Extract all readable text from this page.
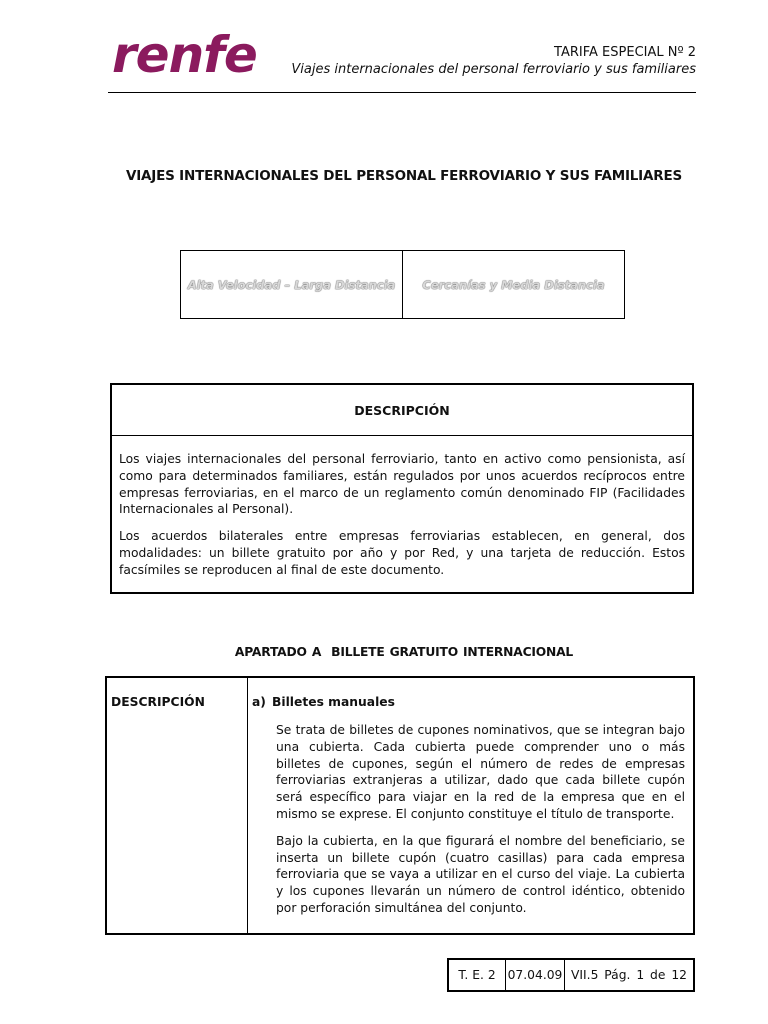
renfe	TARIFA ESPECIAL Nº 2
Viajes internacionales del personal ferroviario y sus familiares
VIAJES INTERNACIONALES DEL PERSONAL FERROVIARIO Y SUS FAMILIARES
Alta Velocidad – Larga Distancia	Cercanías y Media Distancia
DESCRIPCIÓN

Los viajes internacionales del personal ferroviario, tanto en activo como pensionista, así como para determinados familiares, están regulados por unos acuerdos recíprocos entre empresas ferroviarias, en el marco de un reglamento común denominado FIP (Facilidades Internacionales al Personal).

Los acuerdos bilaterales entre empresas ferroviarias establecen, en general, dos modalidades: un billete gratuito por año y por Red, y una tarjeta de reducción. Estos facsímiles se reproducen al final de este documento.

APARTADO A BILLETE GRATUITO INTERNACIONAL
DESCRIPCIÓN	a) Billetes manuales

Se trata de billetes de cupones nominativos, que se integran bajo una cubierta. Cada cubierta puede comprender uno o más billetes de cupones, según el número de redes de empresas ferroviarias extranjeras a utilizar, dado que cada billete cupón será específico para viajar en la red de la empresa que en el mismo se exprese. El conjunto constituye el título de transporte.

Bajo la cubierta, en la que figurará el nombre del beneficiario, se inserta un billete cupón (cuatro casillas) para cada empresa ferroviaria que se vaya a utilizar en el curso del viaje. La cubierta y los cupones llevarán un número de control idéntico, obtenido por perforación simultánea del conjunto.

T. E. 2 07.04.09 VII.5 Pág. 1 de 12
